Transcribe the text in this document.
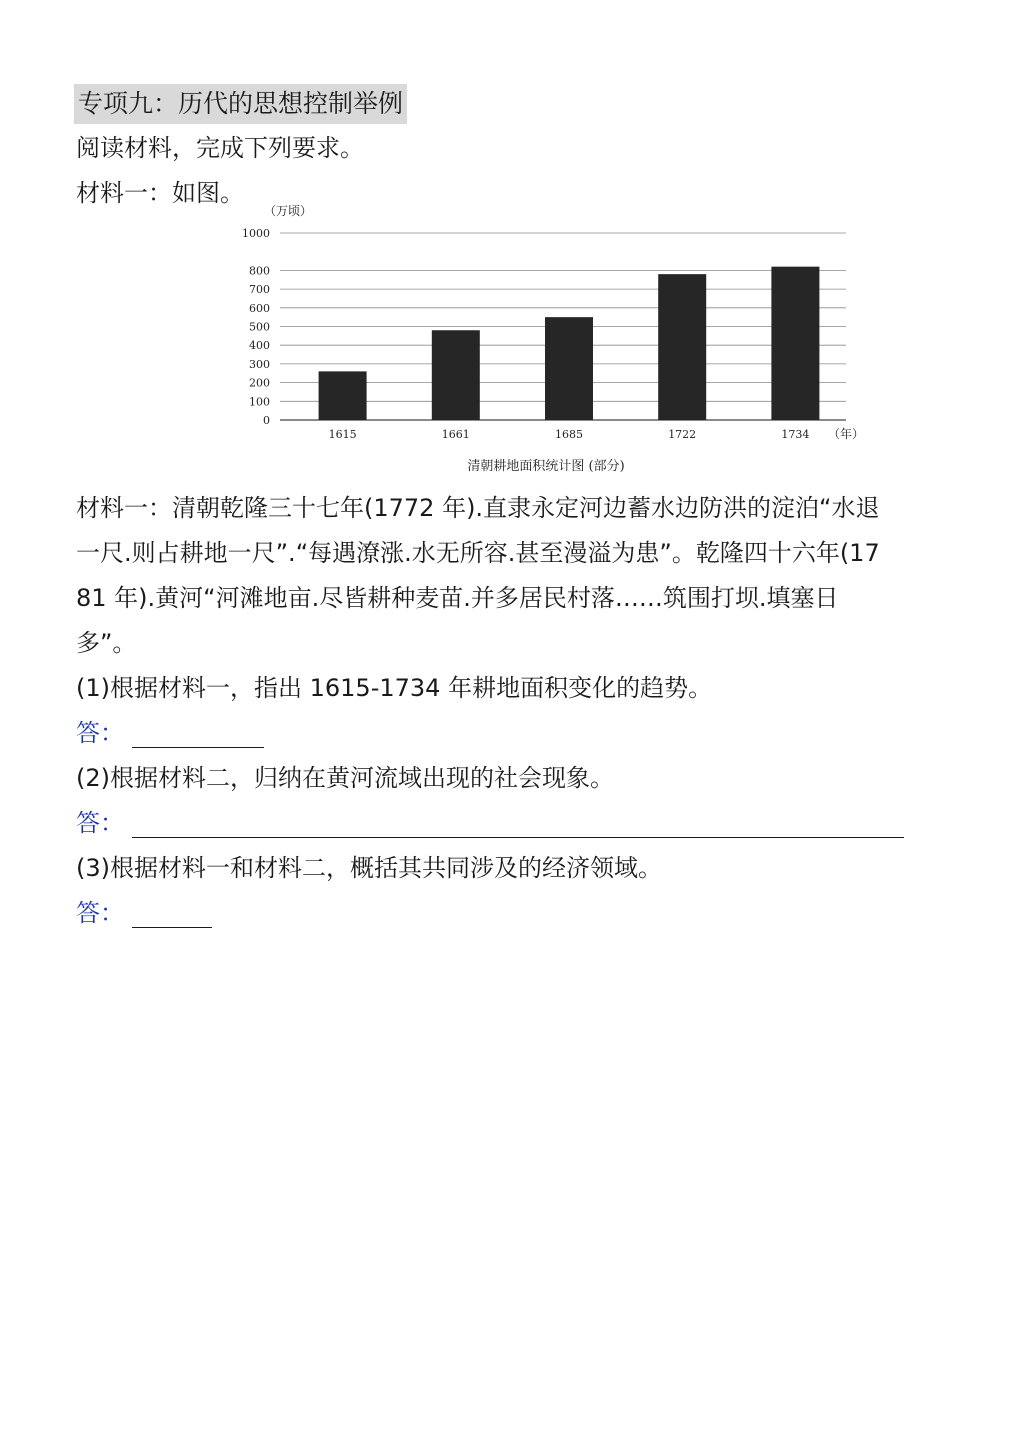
专项九：历代的思想控制举例
阅读材料，完成下列要求。
材料一：如图。
（万顷）
0
100
200
300
400
500
600
700
800
1000
1615	1661	1685	1722	1734 （年）
清朝耕地面积统计图 (部分)
材料一：清朝乾隆三十七年(1772 年).直隶永定河边蓄水边防洪的淀泊“水退
一尺.则占耕地一尺”.“每遇潦涨.水无所容.甚至漫溢为患”。乾隆四十六年(17
81 年).黄河“河滩地亩.尽皆耕种麦苗.并多居民村落……筑围打坝.填塞日
多”。
(1)根据材料一，指出 1615-1734 年耕地面积变化的趋势。
答：
(2)根据材料二，归纳在黄河流域出现的社会现象。
答：
(3)根据材料一和材料二，概括其共同涉及的经济领域。
答：
